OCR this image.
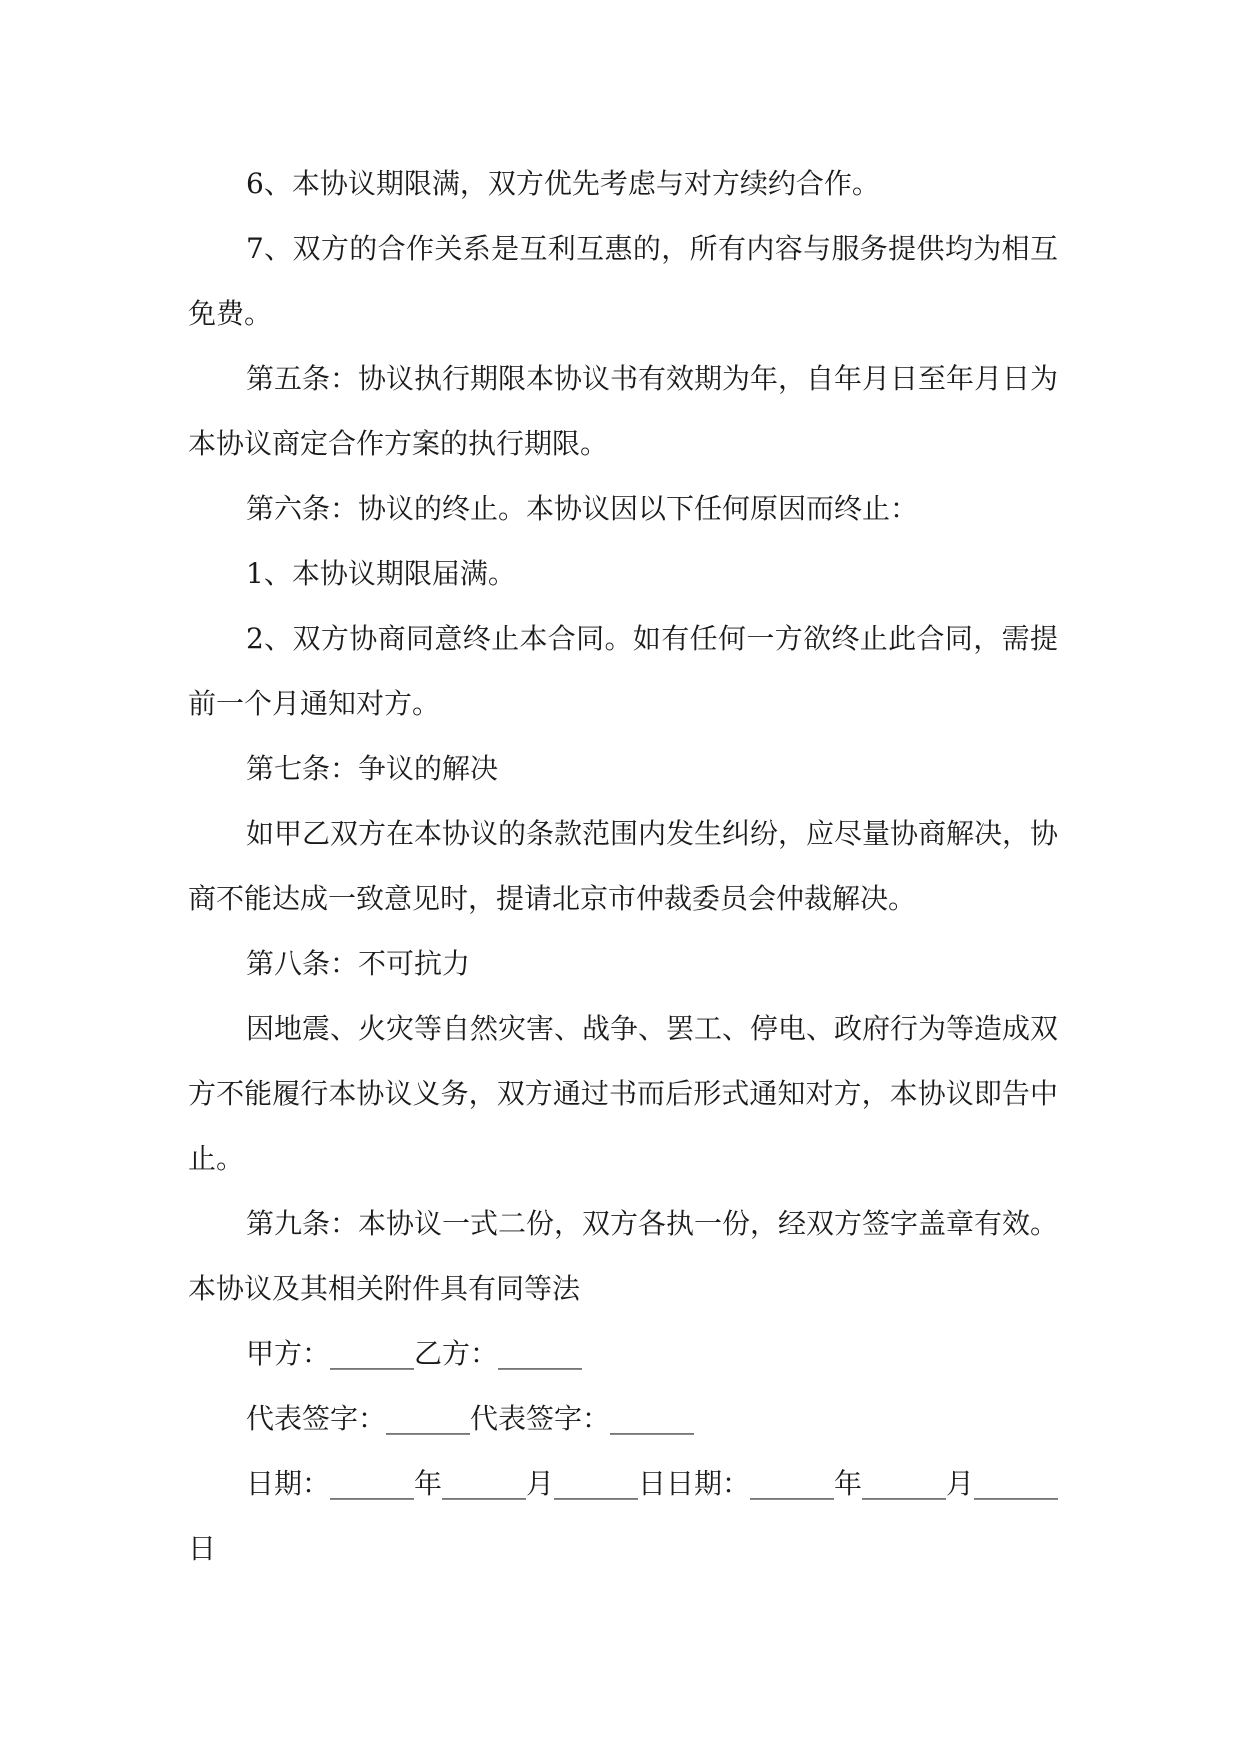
6、本协议期限满，双方优先考虑与对方续约合作。

7、双方的合作关系是互利互惠的，所有内容与服务提供均为相互免费。

第五条：协议执行期限本协议书有效期为年，自年月日至年月日为本协议商定合作方案的执行期限。

第六条：协议的终止。本协议因以下任何原因而终止：

1、本协议期限届满。

2、双方协商同意终止本合同。如有任何一方欲终止此合同，需提前一个月通知对方。

第七条：争议的解决

如甲乙双方在本协议的条款范围内发生纠纷，应尽量协商解决，协商不能达成一致意见时，提请北京市仲裁委员会仲裁解决。

第八条：不可抗力

因地震、火灾等自然灾害、战争、罢工、停电、政府行为等造成双方不能履行本协议义务，双方通过书而后形式通知对方，本协议即告中止。

第九条：本协议一式二份，双方各执一份，经双方签字盖章有效。本协议及其相关附件具有同等法

甲方：______乙方：______

代表签字：______代表签字：______

日期：______年______月______日日期：______年______月______日
